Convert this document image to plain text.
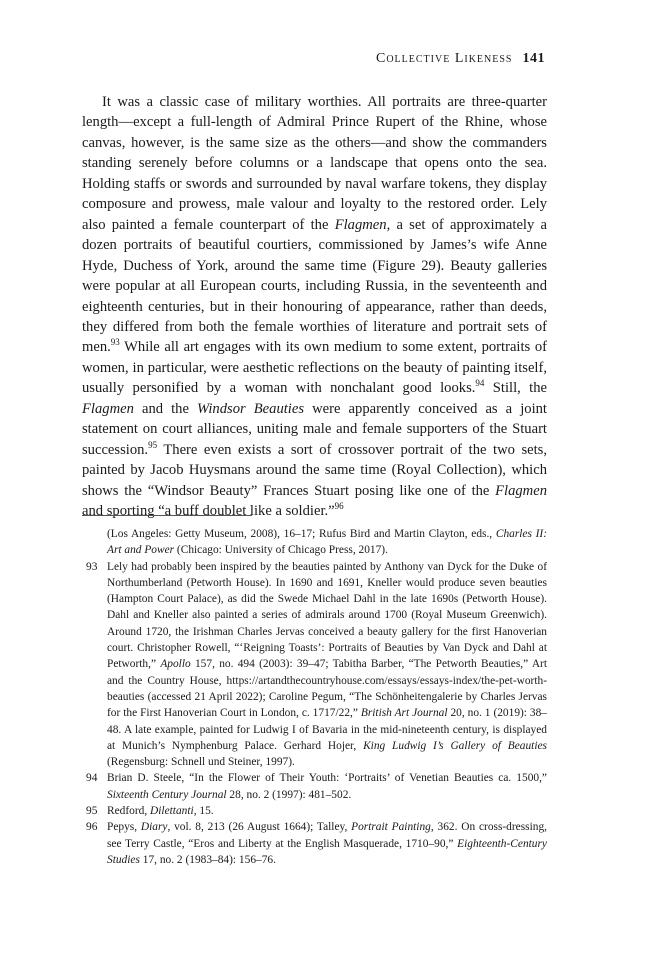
Collective Likeness 141

It was a classic case of military worthies. All portraits are three-quarter length—except a full-length of Admiral Prince Rupert of the Rhine, whose canvas, however, is the same size as the others—and show the commanders standing serenely before columns or a landscape that opens onto the sea. Holding staffs or swords and surrounded by naval warfare tokens, they display composure and prowess, male valour and loyalty to the restored order. Lely also painted a female counterpart of the Flagmen, a set of approximately a dozen portraits of beautiful courtiers, commissioned by James’s wife Anne Hyde, Duchess of York, around the same time (Figure 29). Beauty galleries were popular at all European courts, including Russia, in the seventeenth and eighteenth centuries, but in their honouring of appearance, rather than deeds, they differed from both the female worthies of literature and portrait sets of men.$^{93}$ While all art engages with its own medium to some extent, portraits of women, in particular, were aesthetic reflections on the beauty of painting itself, usually personified by a woman with nonchalant good looks.$^{94}$ Still, the Flagmen and the Windsor Beauties were apparently conceived as a joint statement on court alliances, uniting male and female supporters of the Stuart succession.$^{95}$ There even exists a sort of crossover portrait of the two sets, painted by Jacob Huysmans around the same time (Royal Collection), which shows the “Windsor Beauty” Frances Stuart posing like one of the Flagmen and sporting “a buff doublet like a soldier.”$^{96}$

(Los Angeles: Getty Museum, 2008), 16–17; Rufus Bird and Martin Clayton, eds., Charles II: Art and Power (Chicago: University of Chicago Press, 2017).

93 Lely had probably been inspired by the beauties painted by Anthony van Dyck for the Duke of Northumberland (Petworth House). In 1690 and 1691, Kneller would produce seven beauties (Hampton Court Palace), as did the Swede Michael Dahl in the late 1690s (Petworth House). Dahl and Kneller also painted a series of admirals around 1700 (Royal Museum Greenwich). Around 1720, the Irishman Charles Jervas conceived a beauty gallery for the first Hanoverian court. Christopher Rowell, “‘Reigning Toasts’: Portraits of Beauties by Van Dyck and Dahl at Petworth,” Apollo 157, no. 494 (2003): 39–47; Tabitha Barber, “The Petworth Beauties,” Art and the Country House, https://artandthecountryhouse.com/essays/essays-index/the-pet-worth-beauties (accessed 21 April 2022); Caroline Pegum, “The Schönheitengalerie by Charles Jervas for the First Hanoverian Court in London, c. 1717/22,” British Art Journal 20, no. 1 (2019): 38–48. A late example, painted for Ludwig I of Bavaria in the mid-nineteenth century, is displayed at Munich’s Nymphenburg Palace. Gerhard Hojer, King Ludwig I’s Gallery of Beauties (Regensburg: Schnell und Steiner, 1997).

94 Brian D. Steele, “In the Flower of Their Youth: ‘Portraits’ of Venetian Beauties ca. 1500,” Sixteenth Century Journal 28, no. 2 (1997): 481–502.

95 Redford, Dilettanti, 15.

96 Pepys, Diary, vol. 8, 213 (26 August 1664); Talley, Portrait Painting, 362. On cross-dressing, see Terry Castle, “Eros and Liberty at the English Masquerade, 1710–90,” Eighteenth-Century Studies 17, no. 2 (1983–84): 156–76.
